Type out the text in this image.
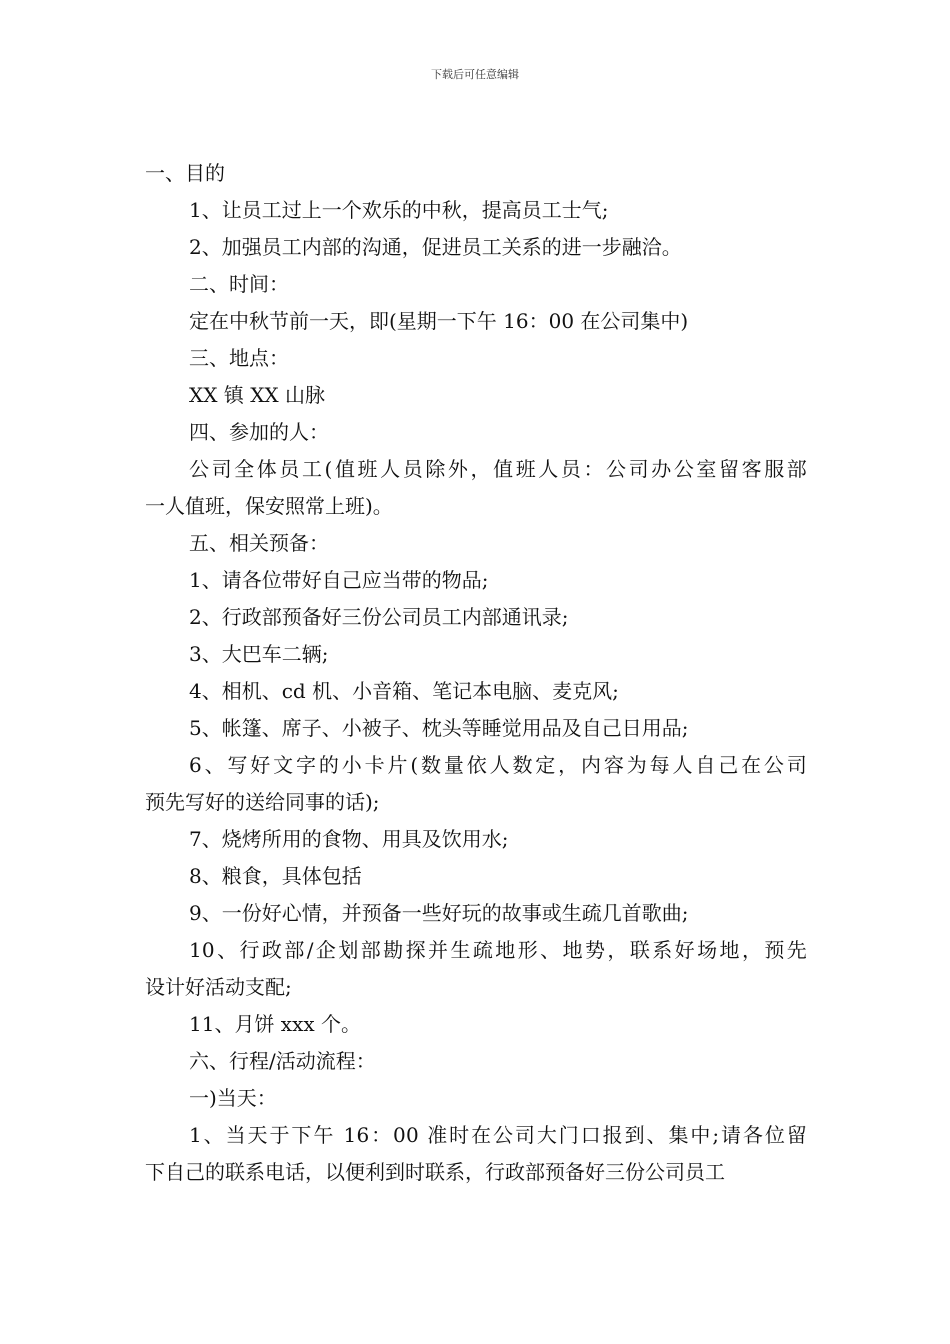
下载后可任意编辑

一、目的

1、让员工过上一个欢乐的中秋，提高员工士气;

2、加强员工内部的沟通，促进员工关系的进一步融洽。

二、时间：

定在中秋节前一天，即(星期一下午 16：00 在公司集中)

三、地点：

XX 镇 XX 山脉

四、参加的人：

公司全体员工(值班人员除外，值班人员：公司办公室留客服部

一人值班，保安照常上班)。

五、相关预备：

1、请各位带好自己应当带的物品;

2、行政部预备好三份公司员工内部通讯录;

3、大巴车二辆;

4、相机、cd 机、小音箱、笔记本电脑、麦克风;

5、帐篷、席子、小被子、枕头等睡觉用品及自己日用品;

6、写好文字的小卡片(数量依人数定，内容为每人自己在公司

预先写好的送给同事的话);

7、烧烤所用的食物、用具及饮用水;

8、粮食，具体包括

9、一份好心情，并预备一些好玩的故事或生疏几首歌曲;

10、行政部/企划部勘探并生疏地形、地势，联系好场地，预先

设计好活动支配;

11、月饼 xxx 个。

六、行程/活动流程：

一)当天：

1、当天于下午 16：00 准时在公司大门口报到、集中;请各位留

下自己的联系电话，以便利到时联系，行政部预备好三份公司员工
